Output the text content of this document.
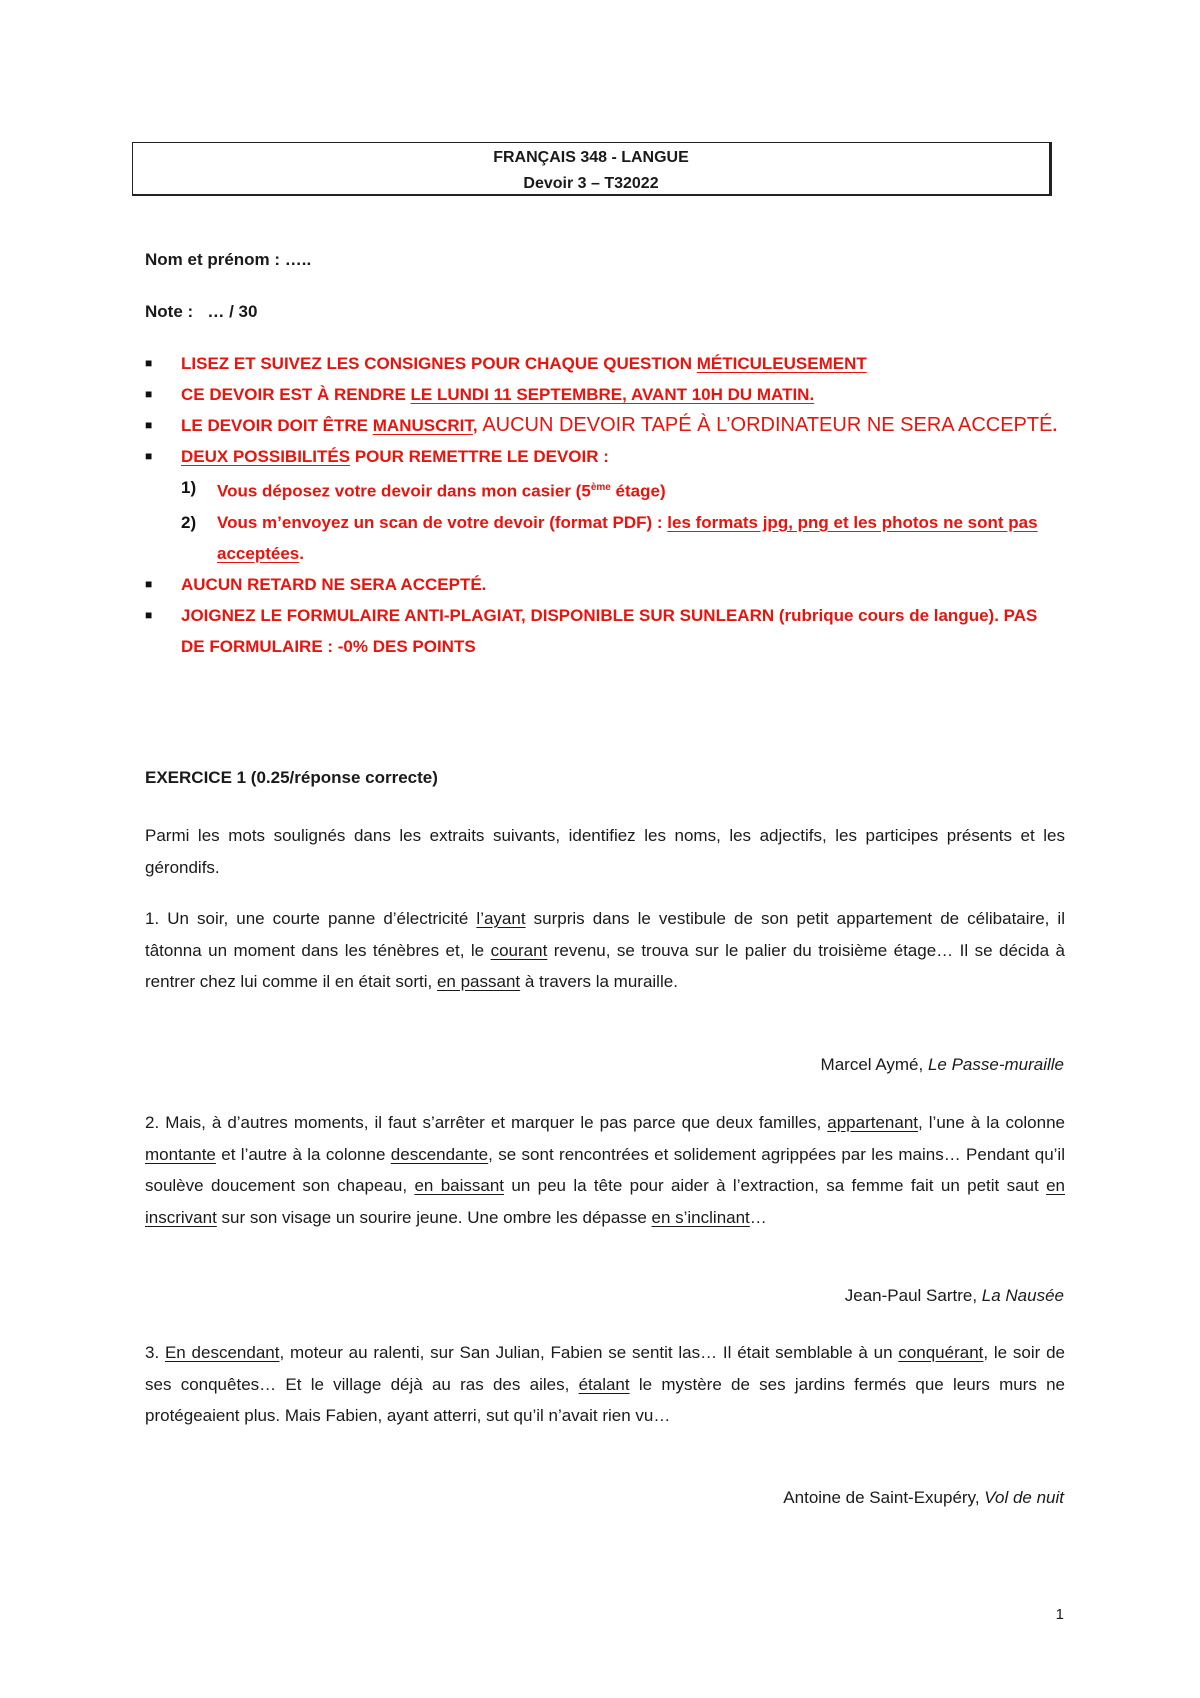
FRANÇAIS 348 - LANGUE
Devoir 3 – T32022
Nom et prénom : …..
Note : … / 30
■	LISEZ ET SUIVEZ LES CONSIGNES POUR CHAQUE QUESTION MÉTICULEUSEMENT
■	CE DEVOIR EST À RENDRE LE LUNDI 11 SEPTEMBRE, AVANT 10H DU MATIN.
■	LE DEVOIR DOIT ÊTRE MANUSCRIT, AUCUN DEVOIR TAPÉ À L’ORDINATEUR NE SERA ACCEPTÉ.
■	DEUX POSSIBILITÉS POUR REMETTRE LE DEVOIR :
1) Vous déposez votre devoir dans mon casier (5ème étage)
2) Vous m’envoyez un scan de votre devoir (format PDF) : les formats jpg, png et les photos ne sont pas acceptées.
■	AUCUN RETARD NE SERA ACCEPTÉ.
■	JOIGNEZ LE FORMULAIRE ANTI-PLAGIAT, DISPONIBLE SUR SUNLEARN (rubrique cours de langue). PAS DE FORMULAIRE : -0% DES POINTS
EXERCICE 1 (0.25/réponse correcte)
Parmi les mots soulignés dans les extraits suivants, identifiez les noms, les adjectifs, les participes présents et les gérondifs.
1. Un soir, une courte panne d’électricité l’ayant surpris dans le vestibule de son petit appartement de célibataire, il tâtonna un moment dans les ténèbres et, le courant revenu, se trouva sur le palier du troisième étage… Il se décida à rentrer chez lui comme il en était sorti, en passant à travers la muraille.
Marcel Aymé, Le Passe-muraille
2. Mais, à d’autres moments, il faut s’arrêter et marquer le pas parce que deux familles, appartenant, l’une à la colonne montante et l’autre à la colonne descendante, se sont rencontrées et solidement agrippées par les mains… Pendant qu’il soulève doucement son chapeau, en baissant un peu la tête pour aider à l’extraction, sa femme fait un petit saut en inscrivant sur son visage un sourire jeune. Une ombre les dépasse en s’inclinant…
Jean-Paul Sartre, La Nausée
3. En descendant, moteur au ralenti, sur San Julian, Fabien se sentit las… Il était semblable à un conquérant, le soir de ses conquêtes… Et le village déjà au ras des ailes, étalant le mystère de ses jardins fermés que leurs murs ne protégeaient plus. Mais Fabien, ayant atterri, sut qu’il n’avait rien vu…
Antoine de Saint-Exupéry, Vol de nuit
1
